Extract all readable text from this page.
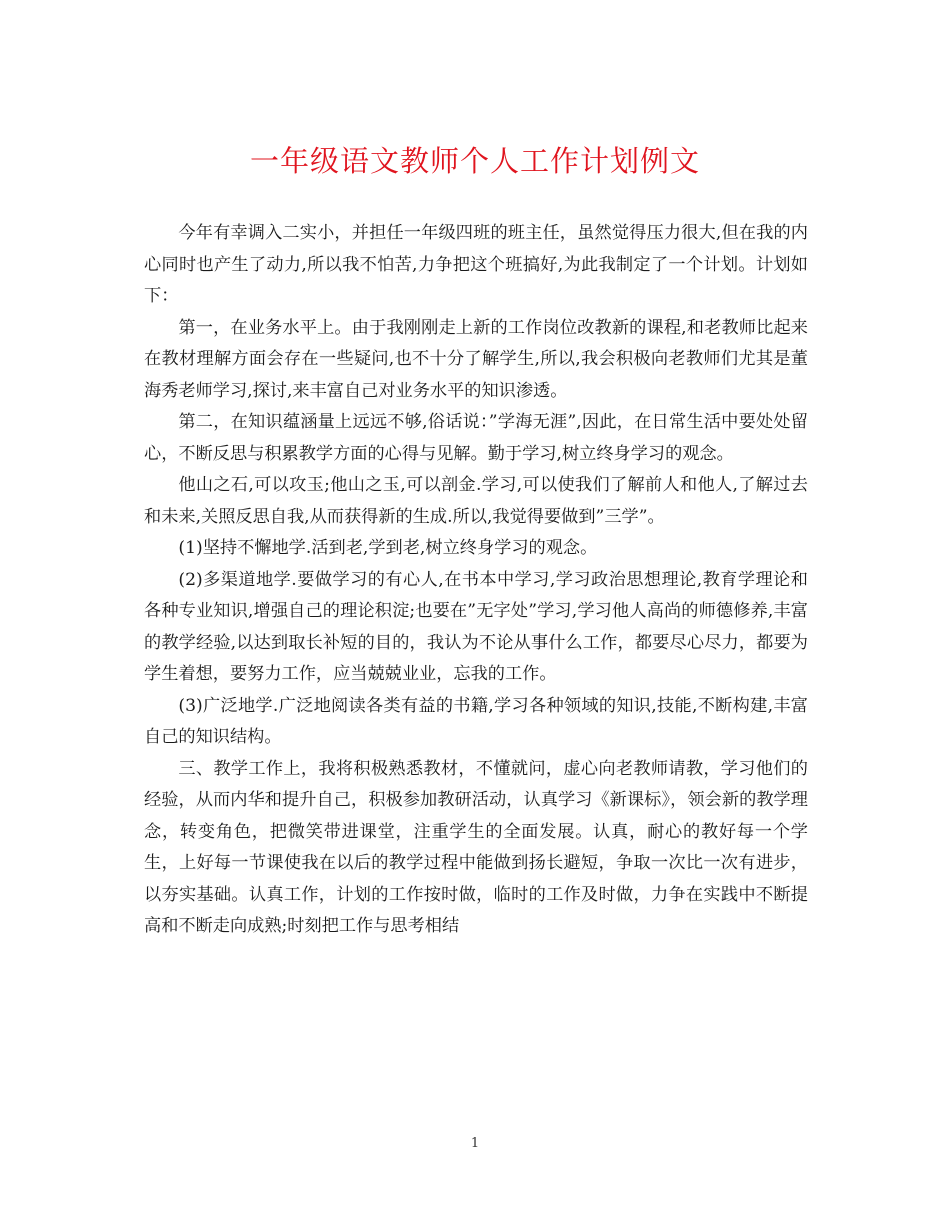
一年级语文教师个人工作计划例文

今年有幸调入二实小，并担任一年级四班的班主任，虽然觉得压力很大,但在我的内心同时也产生了动力,所以我不怕苦,力争把这个班搞好,为此我制定了一个计划。计划如下：

第一，在业务水平上。由于我刚刚走上新的工作岗位改教新的课程,和老教师比起来在教材理解方面会存在一些疑问,也不十分了解学生,所以,我会积极向老教师们尤其是董海秀老师学习,探讨,来丰富自己对业务水平的知识渗透。

第二，在知识蕴涵量上远远不够,俗话说：”学海无涯”,因此，在日常生活中要处处留心，不断反思与积累教学方面的心得与见解。勤于学习,树立终身学习的观念。

他山之石,可以攻玉;他山之玉,可以剖金.学习,可以使我们了解前人和他人,了解过去和未来,关照反思自我,从而获得新的生成.所以,我觉得要做到”三学”。

(1)坚持不懈地学.活到老,学到老,树立终身学习的观念。

(2)多渠道地学.要做学习的有心人,在书本中学习,学习政治思想理论,教育学理论和各种专业知识,增强自己的理论积淀;也要在”无字处”学习,学习他人高尚的师德修养,丰富的教学经验,以达到取长补短的目的，我认为不论从事什么工作，都要尽心尽力，都要为学生着想，要努力工作，应当兢兢业业，忘我的工作。

(3)广泛地学.广泛地阅读各类有益的书籍,学习各种领域的知识,技能,不断构建,丰富自己的知识结构。

三、教学工作上，我将积极熟悉教材，不懂就问，虚心向老教师请教，学习他们的经验，从而内华和提升自己，积极参加教研活动，认真学习《新课标》，领会新的教学理念，转变角色，把微笑带进课堂，注重学生的全面发展。认真，耐心的教好每一个学生，上好每一节课使我在以后的教学过程中能做到扬长避短，争取一次比一次有进步，以夯实基础。认真工作，计划的工作按时做，临时的工作及时做，力争在实践中不断提高和不断走向成熟;时刻把工作与思考相结

1
